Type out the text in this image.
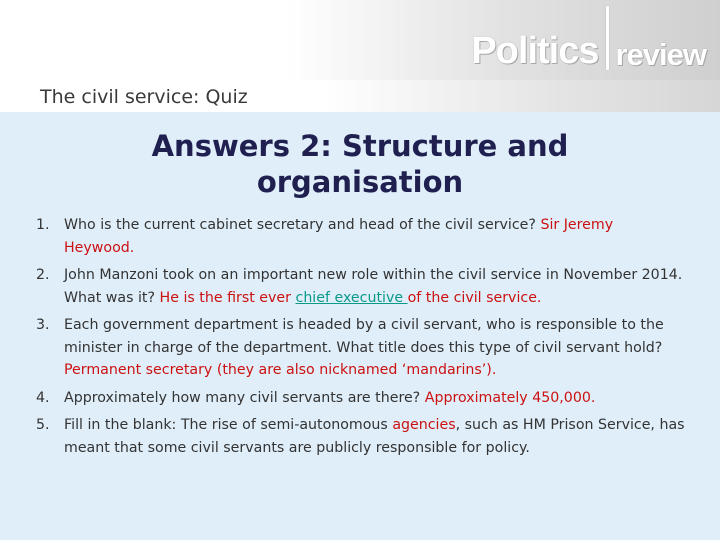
Politics review
The civil service: Quiz
Answers 2: Structure and
organisation
1. Who is the current cabinet secretary and head of the civil service? Sir Jeremy Heywood.
2. John Manzoni took on an important new role within the civil service in November 2014. What was it? He is the first ever chief executive of the civil service.
3. Each government department is headed by a civil servant, who is responsible to the minister in charge of the department. What title does this type of civil servant hold? Permanent secretary (they are also nicknamed ‘mandarins’).
4. Approximately how many civil servants are there? Approximately 450,000.
5. Fill in the blank: The rise of semi-autonomous agencies, such as HM Prison Service, has meant that some civil servants are publicly responsible for policy.
